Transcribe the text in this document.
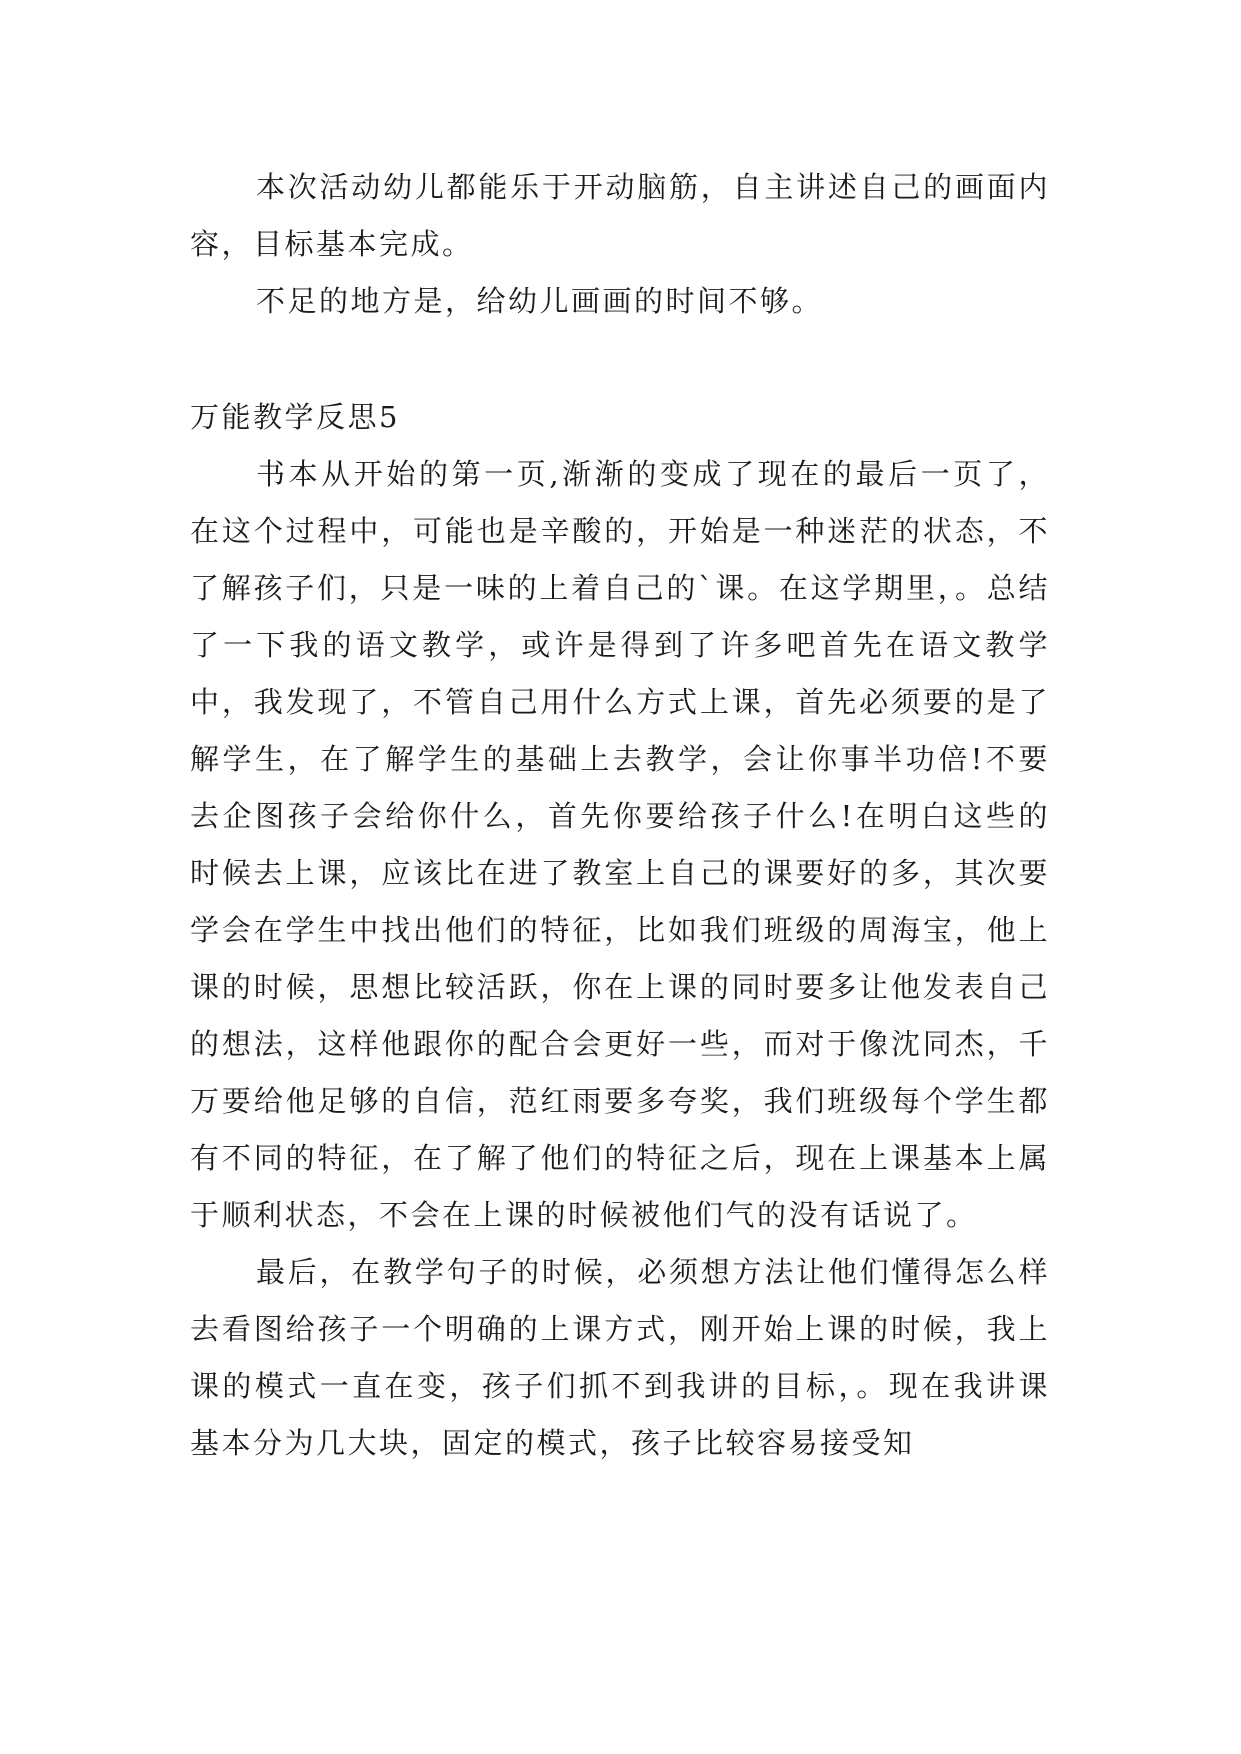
本次活动幼儿都能乐于开动脑筋，自主讲述自己的画面内容，目标基本完成。

不足的地方是，给幼儿画画的时间不够。

万能教学反思5

书本从开始的第一页,渐渐的变成了现在的最后一页了，在这个过程中，可能也是辛酸的，开始是一种迷茫的状态，不了解孩子们，只是一味的上着自己的`课。在这学期里，。总结了一下我的语文教学，或许是得到了许多吧首先在语文教学中，我发现了，不管自己用什么方式上课，首先必须要的是了解学生，在了解学生的基础上去教学，会让你事半功倍!不要去企图孩子会给你什么，首先你要给孩子什么!在明白这些的时候去上课，应该比在进了教室上自己的课要好的多，其次要学会在学生中找出他们的特征，比如我们班级的周海宝，他上课的时候，思想比较活跃，你在上课的同时要多让他发表自己的想法，这样他跟你的配合会更好一些，而对于像沈同杰，千万要给他足够的自信，范红雨要多夸奖，我们班级每个学生都有不同的特征，在了解了他们的特征之后，现在上课基本上属于顺利状态，不会在上课的时候被他们气的没有话说了。

最后，在教学句子的时候，必须想方法让他们懂得怎么样去看图给孩子一个明确的上课方式，刚开始上课的时候，我上课的模式一直在变，孩子们抓不到我讲的目标，。现在我讲课基本分为几大块，固定的模式，孩子比较容易接受知
